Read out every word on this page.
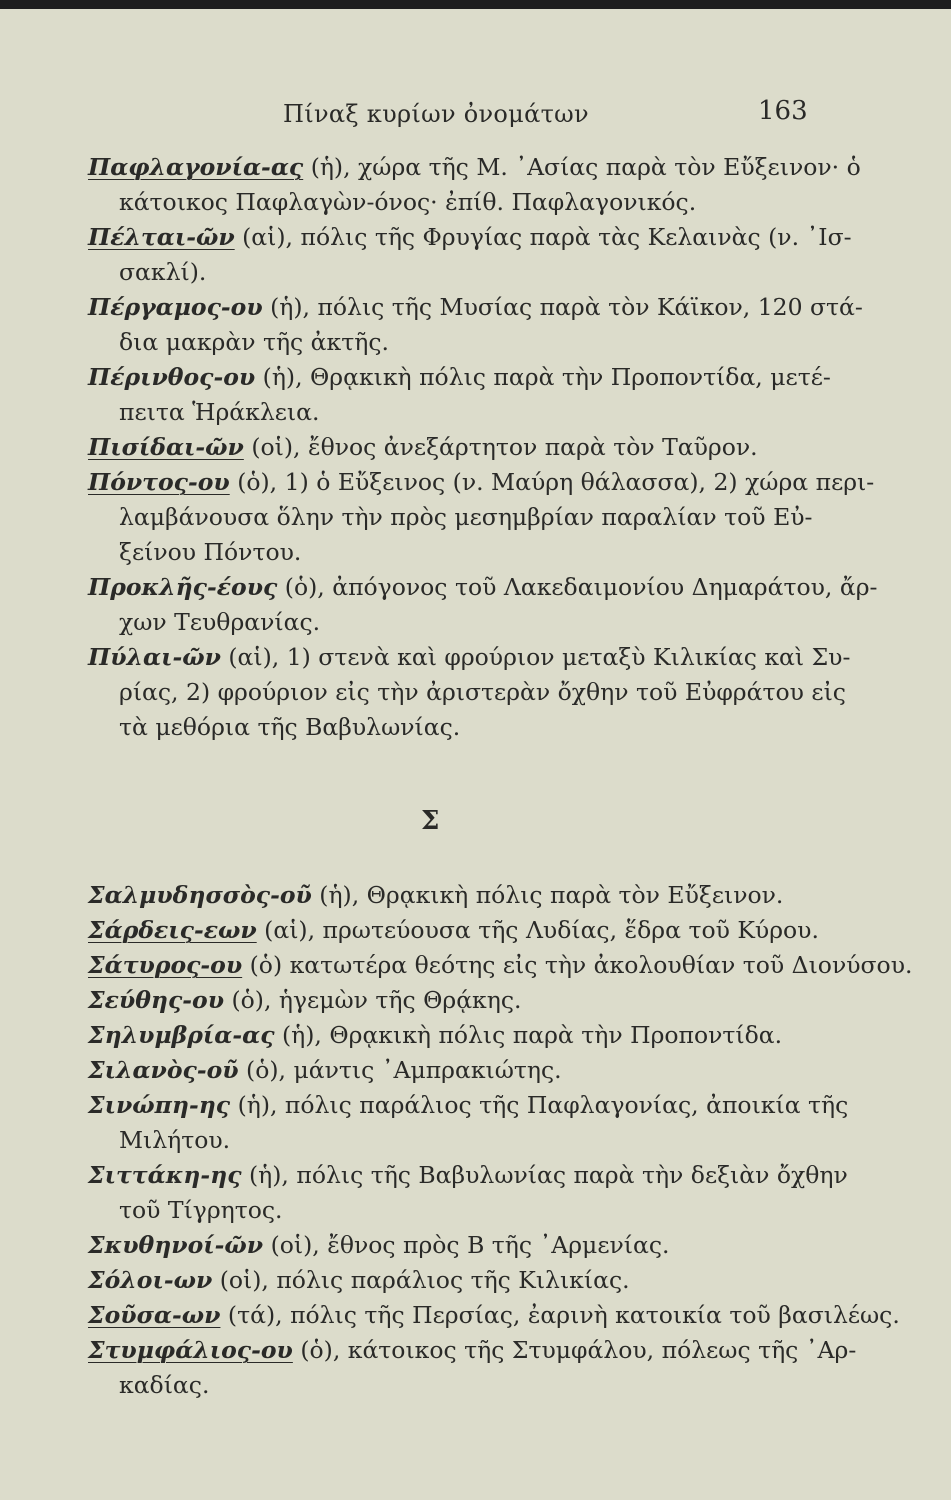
Πίναξ κυρίων ὀνομάτων	163
Παφλαγονία-ας (ἡ), χώρα τῆς Μ. ᾿Ασίας παρὰ τὸν Εὔξεινον· ὁ
κάτοικος Παφλαγὼν-όνος· ἐπίθ. Παφλαγονικός.
Πέλται-ῶν (αἱ), πόλις τῆς Φρυγίας παρὰ τὰς Κελαινὰς (ν. ᾿Ισ-
σακλί).
Πέργαμος-ου (ἡ), πόλις τῆς Μυσίας παρὰ τὸν Κάϊκον, 120 στά-
δια μακρὰν τῆς ἀκτῆς.
Πέρινθος-ου (ἡ), Θρᾳκικὴ πόλις παρὰ τὴν Προποντίδα, μετέ-
πειτα Ἡράκλεια.
Πισίδαι-ῶν (οἱ), ἔθνος ἀνεξάρτητον παρὰ τὸν Ταῦρον.
Πόντος-ου (ὁ), 1) ὁ Εὔξεινος (ν. Μαύρη θάλασσα), 2) χώρα περι-
λαμβάνουσα ὅλην τὴν πρὸς μεσημβρίαν παραλίαν τοῦ Εὐ-
ξείνου Πόντου.
Προκλῆς-έους (ὁ), ἀπόγονος τοῦ Λακεδαιμονίου Δημαράτου, ἄρ-
χων Τευθρανίας.
Πύλαι-ῶν (αἱ), 1) στενὰ καὶ φρούριον μεταξὺ Κιλικίας καὶ Συ-
ρίας, 2) φρούριον εἰς τὴν ἀριστερὰν ὄχθην τοῦ Εὐφράτου εἰς
τὰ μεθόρια τῆς Βαβυλωνίας.
Σ
Σαλμυδησσὸς-οῦ (ἡ), Θρᾳκικὴ πόλις παρὰ τὸν Εὔξεινον.
Σάρδεις-εων (αἱ), πρωτεύουσα τῆς Λυδίας, ἕδρα τοῦ Κύρου.
Σάτυρος-ου (ὁ) κατωτέρα θεότης εἰς τὴν ἀκολουθίαν τοῦ Διονύσου.
Σεύθης-ου (ὁ), ἡγεμὼν τῆς Θρᾴκης.
Σηλυμβρία-ας (ἡ), Θρᾳκικὴ πόλις παρὰ τὴν Προποντίδα.
Σιλανὸς-οῦ (ὁ), μάντις ᾿Αμπρακιώτης.
Σινώπη-ης (ἡ), πόλις παράλιος τῆς Παφλαγονίας, ἀποικία τῆς
Μιλήτου.
Σιττάκη-ης (ἡ), πόλις τῆς Βαβυλωνίας παρὰ τὴν δεξιὰν ὄχθην
τοῦ Τίγρητος.
Σκυθηνοί-ῶν (οἱ), ἔθνος πρὸς Β τῆς ᾿Αρμενίας.
Σόλοι-ων (οἱ), πόλις παράλιος τῆς Κιλικίας.
Σοῦσα-ων (τά), πόλις τῆς Περσίας, ἐαρινὴ κατοικία τοῦ βασιλέως.
Στυμφάλιος-ου (ὁ), κάτοικος τῆς Στυμφάλου, πόλεως τῆς ᾿Αρ-
καδίας.
